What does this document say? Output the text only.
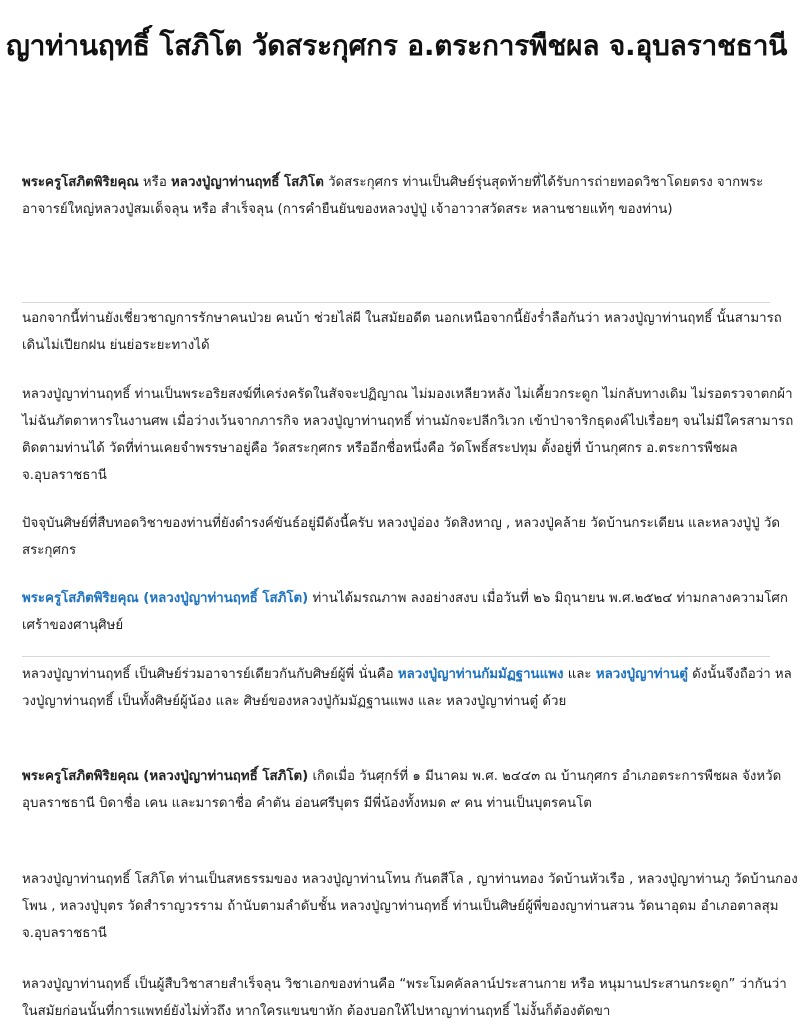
ญาท่านฤทธิ์ โสภิโต วัดสระกุศกร อ.ตระการพืชผล จ.อุบลราชธานี

พระครูโสภิตพิริยคุณ หรือ หลวงปู่ญาท่านฤทธิ์ โสภิโต วัดสระกุศกร ท่านเป็นศิษย์รุ่นสุดท้ายที่ได้รับการถ่ายทอดวิชาโดยตรง จากพระอาจารย์ใหญ่หลวงปู่สมเด็จลุน หรือ สำเร็จลุน (การคํายืนยันของหลวงปู่ปู่ เจ้าอาวาสวัดสระ หลานชายแท้ๆ ของท่าน)

นอกจากนี้ท่านยังเชี่ยวชาญการรักษาคนป่วย คนบ้า ช่วยไล่ผี ในสมัยอดีต นอกเหนือจากนี้ยังร่ำลือกันว่า หลวงปู่ญาท่านฤทธิ์ นั้นสามารถเดินไม่เปียกฝน ย่นย่อระยะทางได้

หลวงปู่ญาท่านฤทธิ์ ท่านเป็นพระอริยสงฆ์ที่เคร่งครัดในสัจจะปฏิญาณ ไม่มองเหลียวหลัง ไม่เคี้ยวกระดูก ไม่กลับทางเดิม ไม่รอตรวจาตกผ้าไม่ฉันภัตตาหารในงานศพ เมื่อว่างเว้นจากภารกิจ หลวงปู่ญาท่านฤทธิ์ ท่านมักจะปลีกวิเวก เข้าป่าจาริกธุดงค์ไปเรื่อยๆ จนไม่มีใครสามารถติดตามท่านได้ วัดที่ท่านเคยจำพรรษาอยู่คือ วัดสระกุศกร หรืออีกชื่อหนึ่งคือ วัดโพธิ์สระปทุม ตั้งอยู่ที่ บ้านกุศกร อ.ตระการพืชผล จ.อุบลราชธานี

ปัจจุบันศิษย์ที่สืบทอดวิชาของท่านที่ยังดำรงค์ขันธ์อยู่มีดังนี้ครับ หลวงปู่อ่อง วัดสิงหาญ , หลวงปู่คล้าย วัดบ้านกระเดียน และหลวงปู่ปู่ วัดสระกุศกร

พระครูโสภิตพิริยคุณ (หลวงปู่ญาท่านฤทธิ์ โสภิโต) ท่านได้มรณภาพ ลงอย่างสงบ เมื่อวันที่ ๒๖ มิถุนายน พ.ศ.๒๕๒๔ ท่ามกลางความโศกเศร้าของศานุศิษย์

หลวงปู่ญาท่านฤทธิ์ เป็นศิษย์ร่วมอาจารย์เดียวกันกับศิษย์ผู้พี่ นั่นคือ หลวงปู่ญาท่านกัมมัฏฐานแพง และ หลวงปู่ญาท่านตู๋ ดังนั้นจึงถือว่า หลวงปู่ญาท่านฤทธิ์ เป็นทั้งศิษย์ผู้น้อง และ ศิษย์ของหลวงปู่กัมมัฏฐานแพง และ หลวงปู่ญาท่านตู๋ ด้วย

พระครูโสภิตพิริยคุณ (หลวงปู่ญาท่านฤทธิ์ โสภิโต) เกิดเมื่อ วันศุกร์ที่ ๑ มีนาคม พ.ศ. ๒๔๔๓ ณ บ้านกุศกร อำเภอตระการพืชผล จังหวัดอุบลราชธานี บิดาชื่อ เคน และมารดาชื่อ คำตัน อ่อนศรีบุตร มีพี่น้องทั้งหมด ๙ คน ท่านเป็นบุตรคนโต

หลวงปู่ญาท่านฤทธิ์ โสภิโต ท่านเป็นสหธรรมของ หลวงปู่ญาท่านโทน กันตสีโล , ญาท่านทอง วัดบ้านหัวเรือ , หลวงปู่ญาท่านภู วัดบ้านกองโพน , หลวงปู่บุตร วัดสำราญวรราม ถ้านับตามลำดับชั้น หลวงปู่ญาท่านฤทธิ์ ท่านเป็นศิษย์ผู้พี่ของญาท่านสวน วัดนาอุดม อำเภอตาลสุม จ.อุบลราชธานี

หลวงปู่ญาท่านฤทธิ์ เป็นผู้สืบวิชาสายสำเร็จลุน วิชาเอกของท่านคือ “พระโมคคัลลาน์ประสานกาย หรือ หนุมานประสานกระดูก” ว่ากันว่าในสมัยก่อนนั้นที่การแพทย์ยังไม่ทั่วถึง หากใครแขนขาหัก ต้องบอกให้ไปหาญาท่านฤทธิ์ ไม่งั้นก็ต้องตัดขา
